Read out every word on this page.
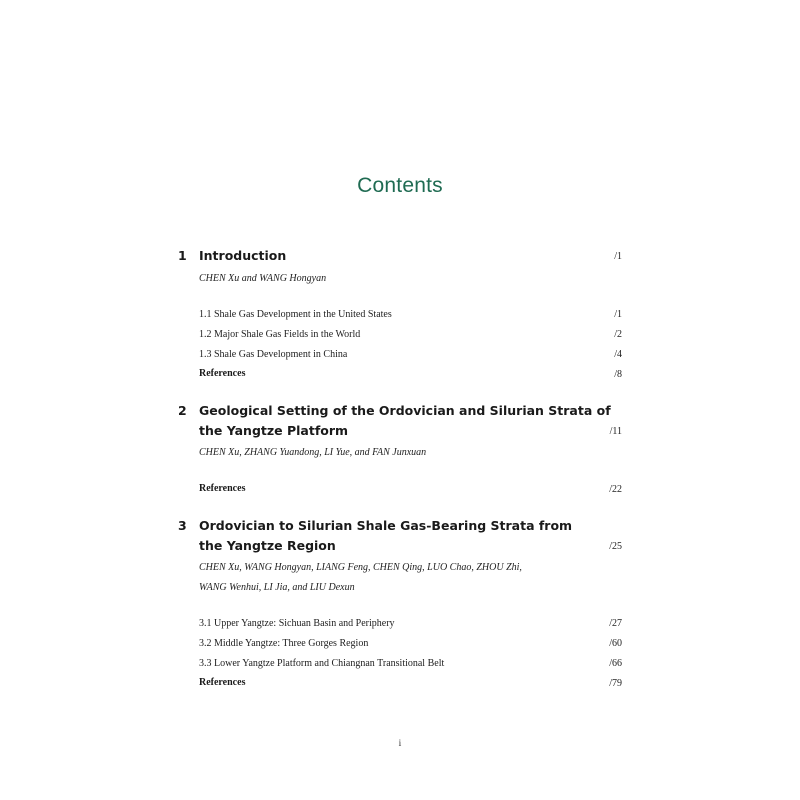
Contents
1 Introduction	/1
CHEN Xu and WANG Hongyan
1.1 Shale Gas Development in the United States	/1
1.2 Major Shale Gas Fields in the World	/2
1.3 Shale Gas Development in China	/4
References	/8
2 Geological Setting of the Ordovician and Silurian Strata of
the Yangtze Platform	/11
CHEN Xu, ZHANG Yuandong, LI Yue, and FAN Junxuan
References	/22
3 Ordovician to Silurian Shale Gas-Bearing Strata from
the Yangtze Region	/25
CHEN Xu, WANG Hongyan, LIANG Feng, CHEN Qing, LUO Chao, ZHOU Zhi,
WANG Wenhui, LI Jia, and LIU Dexun
3.1 Upper Yangtze: Sichuan Basin and Periphery	/27
3.2 Middle Yangtze: Three Gorges Region	/60
3.3 Lower Yangtze Platform and Chiangnan Transitional Belt	/66
References	/79
i
